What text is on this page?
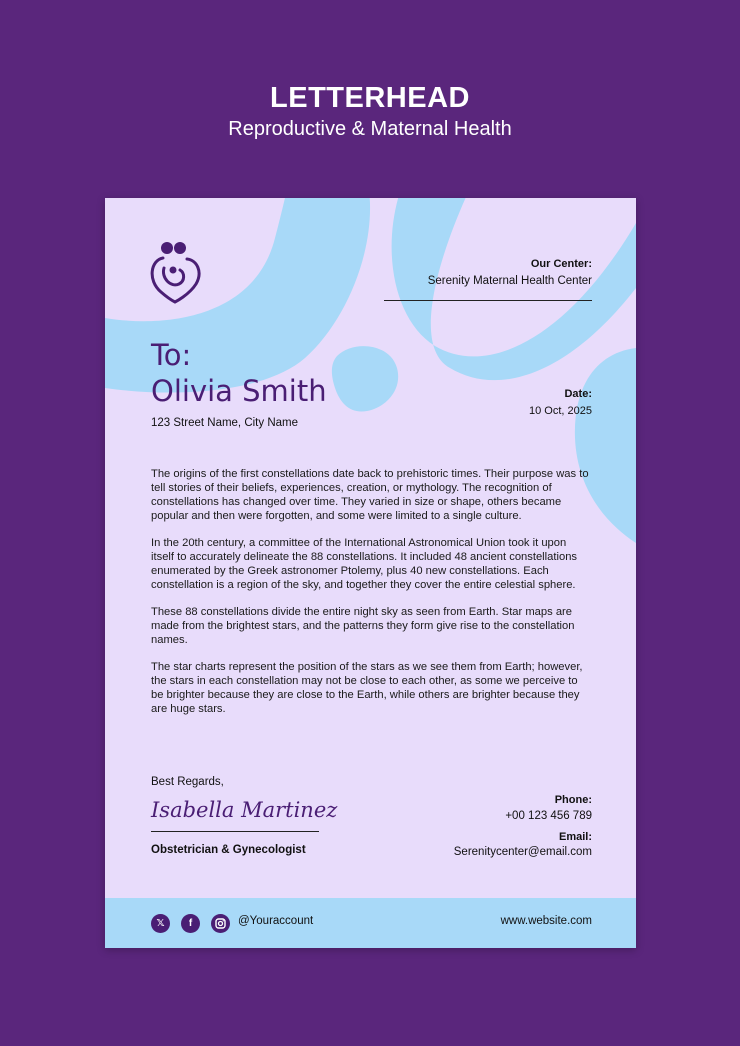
LETTERHEAD
Reproductive & Maternal Health
Our Center:
Serenity Maternal Health Center
To:
Olivia Smith
123 Street Name, City Name
Date:
10 Oct, 2025

The origins of the first constellations date back to prehistoric times. Their purpose was to tell stories of their beliefs, experiences, creation, or mythology. The recognition of constellations has changed over time. They varied in size or shape, others became popular and then were forgotten, and some were limited to a single culture.

In the 20th century, a committee of the International Astronomical Union took it upon itself to accurately delineate the 88 constellations. It included 48 ancient constellations enumerated by the Greek astronomer Ptolemy, plus 40 new constellations. Each constellation is a region of the sky, and together they cover the entire celestial sphere.

These 88 constellations divide the entire night sky as seen from Earth. Star maps are made from the brightest stars, and the patterns they form give rise to the constellation names.

The star charts represent the position of the stars as we see them from Earth; however, the stars in each constellation may not be close to each other, as some we perceive to be brighter because they are close to the Earth, while others are brighter because they are huge stars.

Best Regards,
Isabella Martinez
Obstetrician & Gynecologist
Phone:
+00 123 456 789
Email:
Serenitycenter@email.com
𝕏	f	@Youraccount	www.website.com
